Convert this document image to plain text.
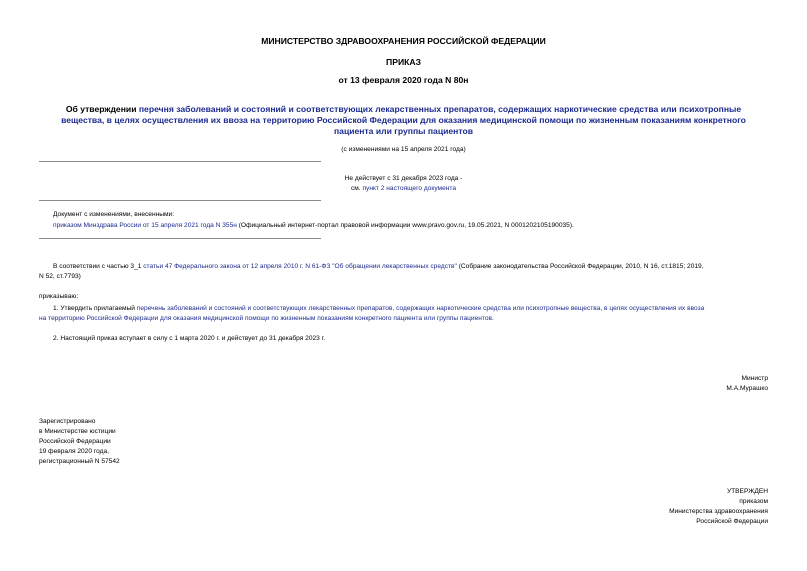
МИНИСТЕРСТВО ЗДРАВООХРАНЕНИЯ РОССИЙСКОЙ ФЕДЕРАЦИИ
ПРИКАЗ
от 13 февраля 2020 года N 80н
Об утверждении перечня заболеваний и состояний и соответствующих лекарственных препаратов, содержащих наркотические средства или психотропные вещества, в целях осуществления их ввоза на территорию Российской Федерации для оказания медицинской помощи по жизненным показаниям конкретного пациента или группы пациентов
(с изменениями на 15 апреля 2021 года)
Не действует с 31 декабря 2023 года -
см. пункт 2 настоящего документа
Документ с изменениями, внесенными:
приказом Минздрава России от 15 апреля 2021 года N 355н (Официальный интернет-портал правовой информации www.pravo.gov.ru, 19.05.2021, N 0001202105190035).
В соответствии с частью 3_1 статьи 47 Федерального закона от 12 апреля 2010 г. N 61-ФЗ "Об обращении лекарственных средств" (Собрание законодательства Российской Федерации, 2010, N 16, ст.1815; 2019,
N 52, ст.7793)
приказываю:
1. Утвердить прилагаемый перечень заболеваний и состояний и соответствующих лекарственных препаратов, содержащих наркотические средства или психотропные вещества, в целях осуществления их ввоза
на территорию Российской Федерации для оказания медицинской помощи по жизненным показаниям конкретного пациента или группы пациентов.
2. Настоящий приказ вступает в силу с 1 марта 2020 г. и действует до 31 декабря 2023 г.
Министр
М.А.Мурашко
Зарегистрировано
в Министерстве юстиции
Российской Федерации
19 февраля 2020 года,
регистрационный N 57542
УТВЕРЖДЕН
приказом
Министерства здравоохранения
Российской Федерации
